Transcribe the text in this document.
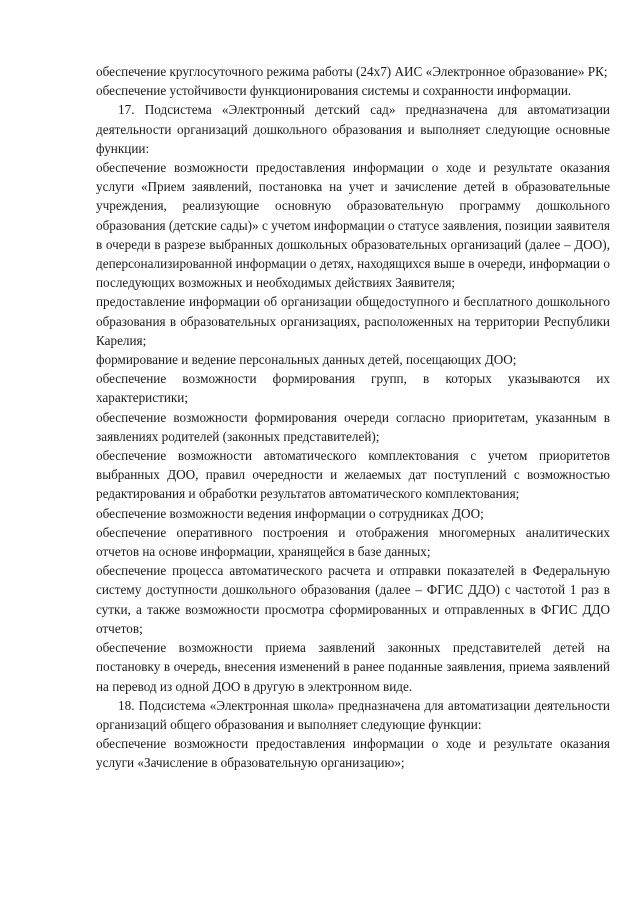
обеспечение круглосуточного режима работы (24x7) АИС «Электронное образование» РК;

обеспечение устойчивости функционирования системы и сохранности информации.

17. Подсистема «Электронный детский сад» предназначена для автоматизации деятельности организаций дошкольного образования и выполняет следующие основные функции:

обеспечение возможности предоставления информации о ходе и результате оказания услуги «Прием заявлений, постановка на учет и зачисление детей в образовательные учреждения, реализующие основную образовательную программу дошкольного образования (детские сады)» с учетом информации о статусе заявления, позиции заявителя в очереди в разрезе выбранных дошкольных образовательных организаций (далее – ДОО), деперсонализированной информации о детях, находящихся выше в очереди, информации о последующих возможных и необходимых действиях Заявителя;

предоставление информации об организации общедоступного и бесплатного дошкольного образования в образовательных организациях, расположенных на территории Республики Карелия;

формирование и ведение персональных данных детей, посещающих ДОО;

обеспечение возможности формирования групп, в которых указываются их характеристики;

обеспечение возможности формирования очереди согласно приоритетам, указанным в заявлениях родителей (законных представителей);

обеспечение возможности автоматического комплектования с учетом приоритетов выбранных ДОО, правил очередности и желаемых дат поступлений с возможностью редактирования и обработки результатов автоматического комплектования;

обеспечение возможности ведения информации о сотрудниках ДОО;

обеспечение оперативного построения и отображения многомерных аналитических отчетов на основе информации, хранящейся в базе данных;

обеспечение процесса автоматического расчета и отправки показателей в Федеральную систему доступности дошкольного образования (далее – ФГИС ДДО) с частотой 1 раз в сутки, а также возможности просмотра сформированных и отправленных в ФГИС ДДО отчетов;

обеспечение возможности приема заявлений законных представителей детей на постановку в очередь, внесения изменений в ранее поданные заявления, приема заявлений на перевод из одной ДОО в другую в электронном виде.

18. Подсистема «Электронная школа» предназначена для автоматизации деятельности организаций общего образования и выполняет следующие функции:

обеспечение возможности предоставления информации о ходе и результате оказания услуги «Зачисление в образовательную организацию»;
